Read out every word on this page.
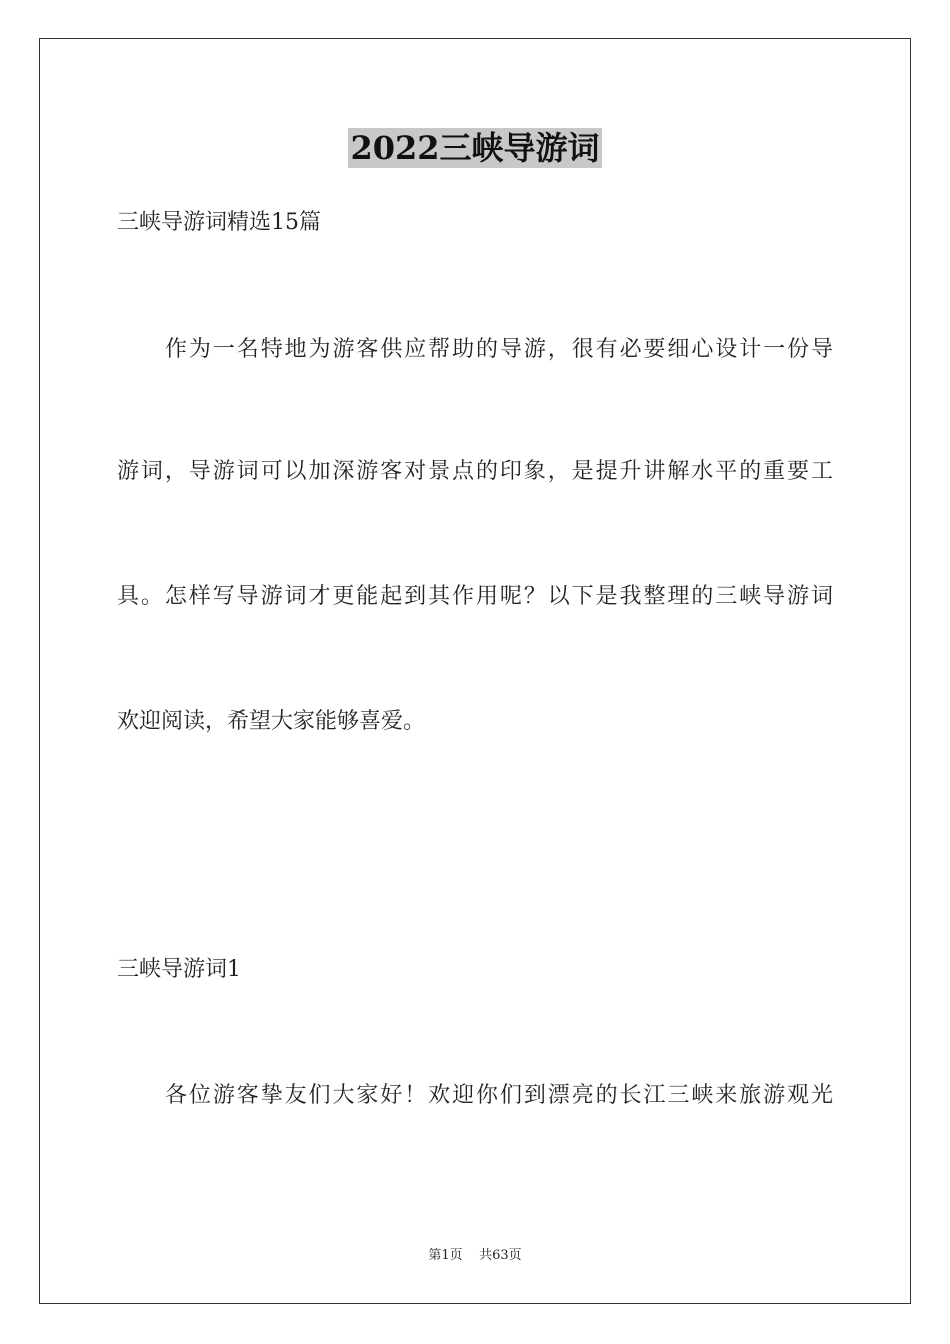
2022三峡导游词
三峡导游词精选15篇
作为一名特地为游客供应帮助的导游，很有必要细心设计一份导
游词，导游词可以加深游客对景点的印象，是提升讲解水平的重要工
具。怎样写导游词才更能起到其作用呢？以下是我整理的三峡导游词
欢迎阅读，希望大家能够喜爱。
三峡导游词1
各位游客挚友们大家好！欢迎你们到漂亮的长江三峡来旅游观光
第1页 共63页
